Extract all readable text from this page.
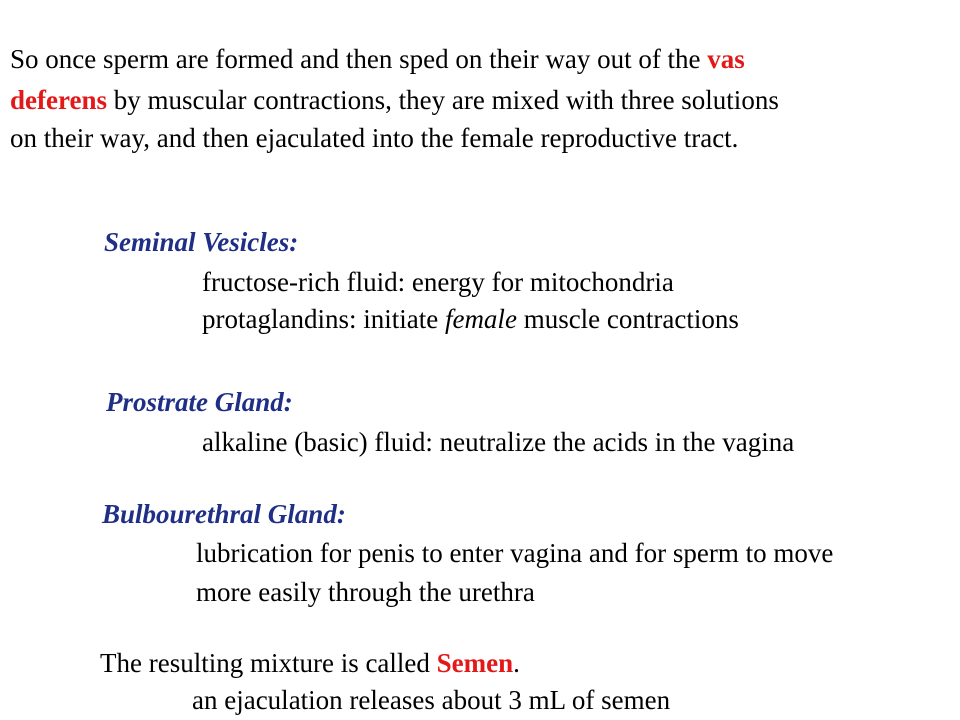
So once sperm are formed and then sped on their way out of the vas
deferens by muscular contractions, they are mixed with three solutions
on their way, and then ejaculated into the female reproductive tract.
Seminal Vesicles:
fructose-rich fluid: energy for mitochondria
protaglandins: initiate female muscle contractions
Prostrate Gland:
alkaline (basic) fluid: neutralize the acids in the vagina
Bulbourethral Gland:
lubrication for penis to enter vagina and for sperm to move
more easily through the urethra
The resulting mixture is called Semen.
an ejaculation releases about 3 mL of semen
